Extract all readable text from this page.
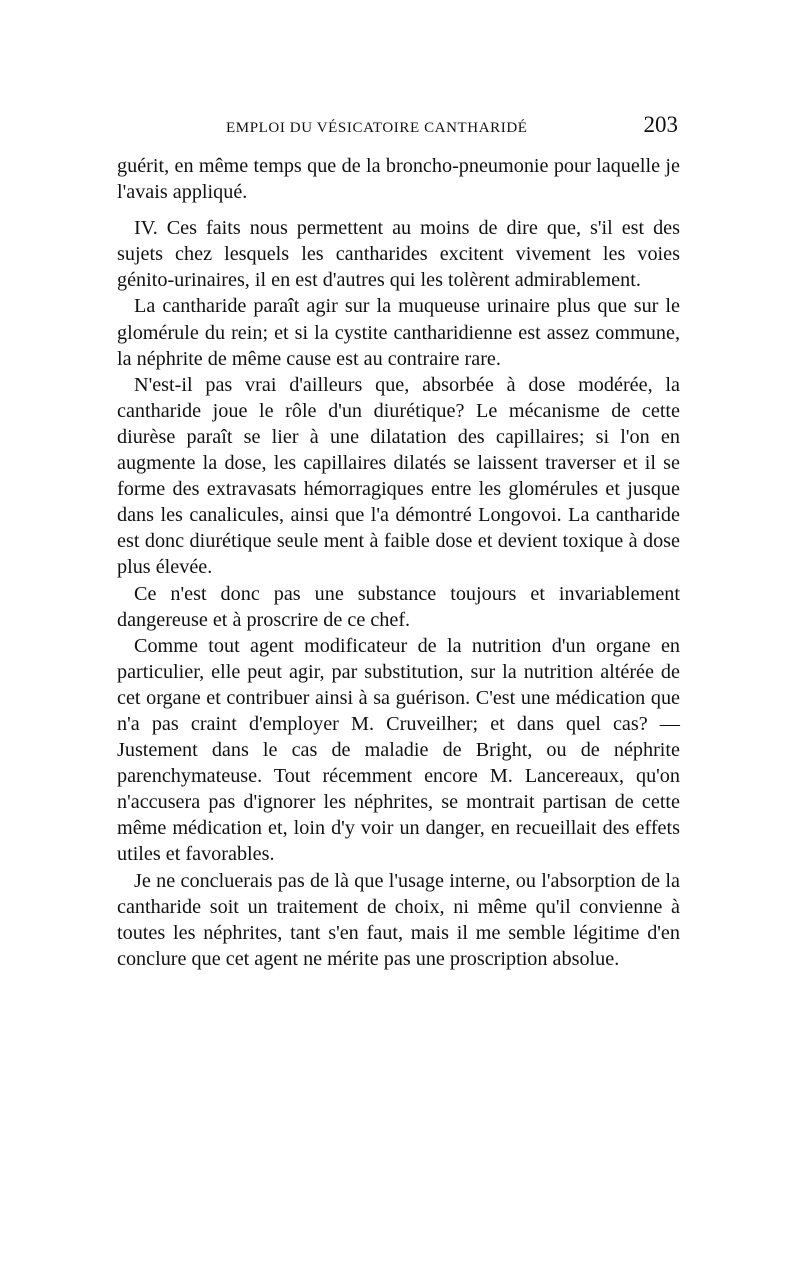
EMPLOI DU VÉSICATOIRE CANTHARIDÉ	203

guérit, en même temps que de la broncho-pneumonie pour laquelle je l'avais appliqué.

IV. Ces faits nous permettent au moins de dire que, s'il est des sujets chez lesquels les cantharides excitent vivement les voies génito-urinaires, il en est d'autres qui les tolèrent admirablement.

La cantharide paraît agir sur la muqueuse urinaire plus que sur le glomérule du rein; et si la cystite cantharidienne est assez commune, la néphrite de même cause est au contraire rare.

N'est-il pas vrai d'ailleurs que, absorbée à dose modérée, la cantharide joue le rôle d'un diurétique? Le mécanisme de cette diurèse paraît se lier à une dilatation des capillaires; si l'on en augmente la dose, les capillaires dilatés se laissent traverser et il se forme des extravasats hémorragiques entre les glomérules et jusque dans les canalicules, ainsi que l'a démontré Longovoi. La cantharide est donc diurétique seule ment à faible dose et devient toxique à dose plus élevée.

Ce n'est donc pas une substance toujours et invariablement dangereuse et à proscrire de ce chef.

Comme tout agent modificateur de la nutrition d'un organe en particulier, elle peut agir, par substitution, sur la nutrition altérée de cet organe et contribuer ainsi à sa guérison. C'est une médication que n'a pas craint d'employer M. Cruveilher; et dans quel cas? — Justement dans le cas de maladie de Bright, ou de néphrite parenchymateuse. Tout récemment encore M. Lancereaux, qu'on n'accusera pas d'ignorer les néphrites, se montrait partisan de cette même médication et, loin d'y voir un danger, en recueillait des effets utiles et favorables.

Je ne concluerais pas de là que l'usage interne, ou l'absorption de la cantharide soit un traitement de choix, ni même qu'il convienne à toutes les néphrites, tant s'en faut, mais il me semble légitime d'en conclure que cet agent ne mérite pas une proscription absolue.
